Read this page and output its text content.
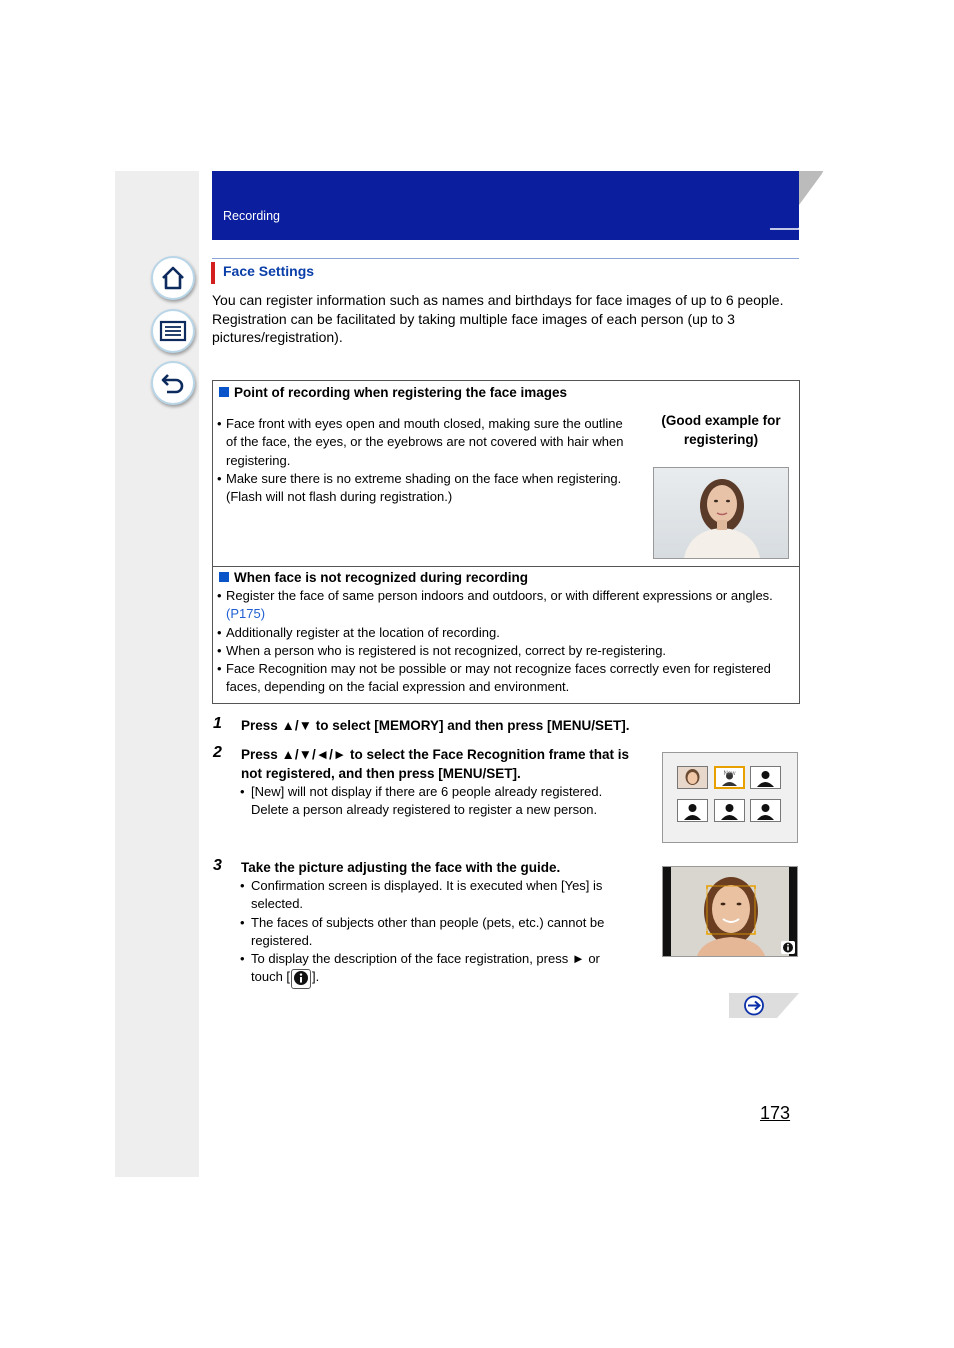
Recording
Face Settings
You can register information such as names and birthdays for face images of up to 6 people.
Registration can be facilitated by taking multiple face images of each person (up to 3 pictures/registration).
Point of recording when registering the face images
• Face front with eyes open and mouth closed, making sure the outline of the face, the eyes, or the eyebrows are not covered with hair when registering.
• Make sure there is no extreme shading on the face when registering. (Flash will not flash during registration.)
(Good example for registering)
When face is not recognized during recording
• Register the face of same person indoors and outdoors, or with different expressions or angles. (P175)
• Additionally register at the location of recording.
• When a person who is registered is not recognized, correct by re-registering.
• Face Recognition may not be possible or may not recognize faces correctly even for registered faces, depending on the facial expression and environment.
1 Press ▲/▼ to select [MEMORY] and then press [MENU/SET].
2 Press ▲/▼/◄/► to select the Face Recognition frame that is not registered, and then press [MENU/SET].
• [New] will not display if there are 6 people already registered. Delete a person already registered to register a new person.
New
3 Take the picture adjusting the face with the guide.
• Confirmation screen is displayed. It is executed when [Yes] is selected.
• The faces of subjects other than people (pets, etc.) cannot be registered.
• To display the description of the face registration, press ► or touch [ ].
173
